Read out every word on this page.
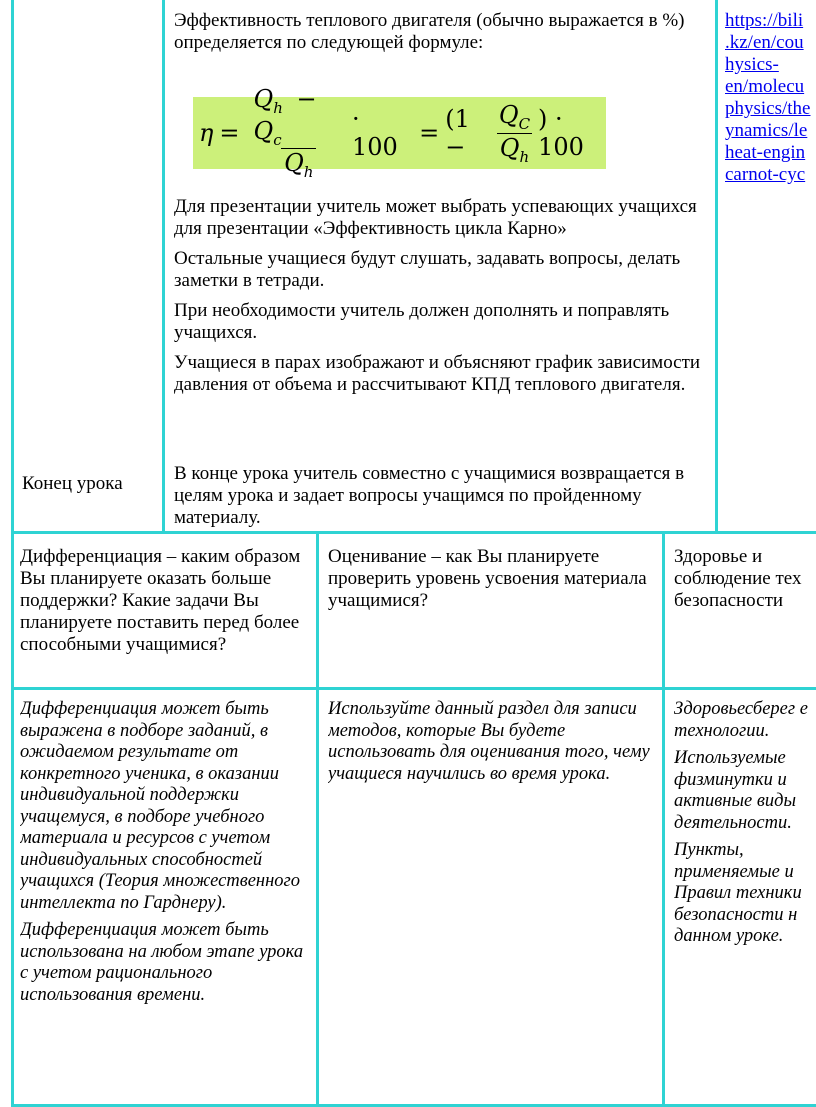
Конец урока
Эффективность теплового двигателя (обычно выражается в %) определяется по следующей формуле:
$\eta = \frac{Q_h - Q_c}{Q_h} \cdot 100 = (1$ −	$\frac{Q_C}{Q_h}$ ) · 100

Для презентации учитель может выбрать успевающих учащихся для презентации «Эффективность цикла Карно»

Остальные учащиеся будут слушать, задавать вопросы, делать заметки в тетради.

При необходимости учитель должен дополнять и поправлять учащихся.

Учащиеся в парах изображают и объясняют график зависимости давления от объема и рассчитывают КПД теплового двигателя.

В конце урока учитель совместно с учащимися возвращается в целям урока и задает вопросы учащимся по пройденному материалу.
https://bili
.kz/en/cou
hysics-
en/molecu
physics/the
ynamics/le
heat-engin
carnot-cyc
Дифференциация – каким образом Вы планируете оказать больше поддержки? Какие задачи Вы планируете поставить перед более способными учащимися?
Оценивание – как Вы планируете проверить уровень усвоения материала учащимися?
Здоровье и соблюдение тех безопасности

Дифференциация может быть выражена в подборе заданий, в ожидаемом результате от конкретного ученика, в оказании индивидуальной поддержки учащемуся, в подборе учебного материала и ресурсов с учетом индивидуальных способностей учащихся (Теория множественного интеллекта по Гарднеру).

Дифференциация может быть использована на любом этапе урока с учетом рационального использования времени.

Используйте данный раздел для записи методов, которые Вы будете использовать для оценивания того, чему учащиеся научились во время урока.

Здоровьесберег е технологии.

Используемые физминутки и активные виды деятельности.

Пункты, применяемые и Правил техники безопасности н данном уроке.
